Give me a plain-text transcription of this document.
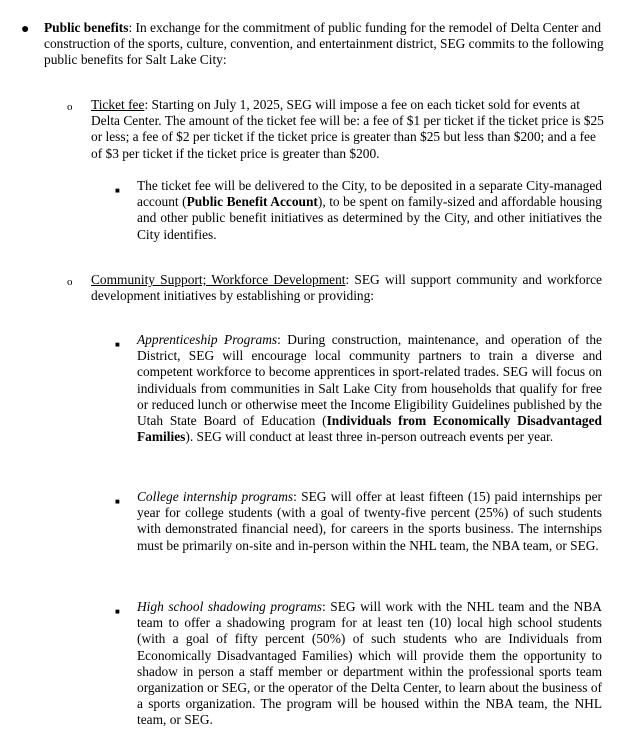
● Public benefits: In exchange for the commitment of public funding for the remodel of Delta Center and construction of the sports, culture, convention, and entertainment district, SEG commits to the following public benefits for Salt Lake City:

o Ticket fee: Starting on July 1, 2025, SEG will impose a fee on each ticket sold for events at Delta Center. The amount of the ticket fee will be: a fee of $1 per ticket if the ticket price is $25 or less; a fee of $2 per ticket if the ticket price is greater than $25 but less than $200; and a fee of $3 per ticket if the ticket price is greater than $200.

■ The ticket fee will be delivered to the City, to be deposited in a separate City-managed account (Public Benefit Account), to be spent on family-sized and affordable housing and other public benefit initiatives as determined by the City, and other initiatives the City identifies.

o Community Support; Workforce Development: SEG will support community and workforce development initiatives by establishing or providing:

■ Apprenticeship Programs: During construction, maintenance, and operation of the District, SEG will encourage local community partners to train a diverse and competent workforce to become apprentices in sport-related trades. SEG will focus on individuals from communities in Salt Lake City from households that qualify for free or reduced lunch or otherwise meet the Income Eligibility Guidelines published by the Utah State Board of Education (Individuals from Economically Disadvantaged Families). SEG will conduct at least three in-person outreach events per year.

■ College internship programs: SEG will offer at least fifteen (15) paid internships per year for college students (with a goal of twenty-five percent (25%) of such students with demonstrated financial need), for careers in the sports business. The internships must be primarily on-site and in-person within the NHL team, the NBA team, or SEG.

■ High school shadowing programs: SEG will work with the NHL team and the NBA team to offer a shadowing program for at least ten (10) local high school students (with a goal of fifty percent (50%) of such students who are Individuals from Economically Disadvantaged Families) which will provide them the opportunity to shadow in person a staff member or department within the professional sports team organization or SEG, or the operator of the Delta Center, to learn about the business of a sports organization. The program will be housed within the NBA team, the NHL team, or SEG.
